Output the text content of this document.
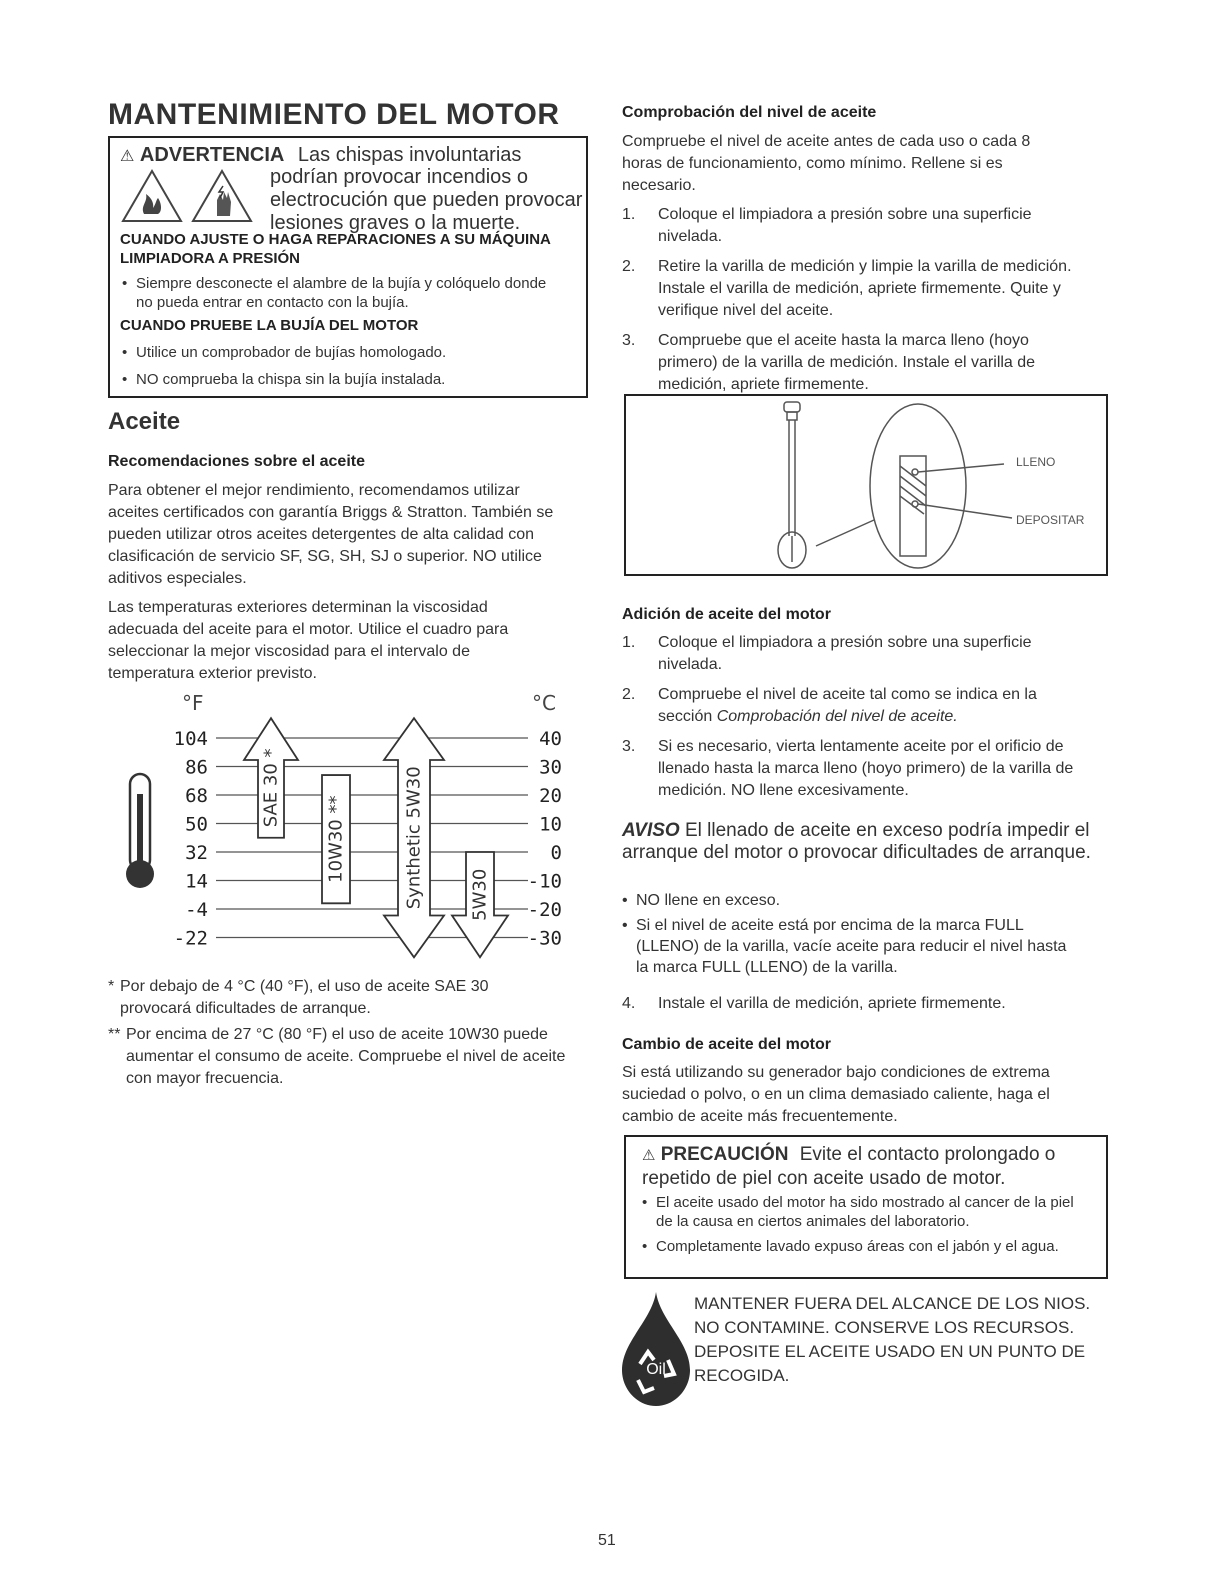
MANTENIMIENTO DEL MOTOR
⚠ ADVERTENCIA Las chispas involuntarias
podrían provocar incendios o
electrocución que pueden provocar
lesiones graves o la muerte.
CUANDO AJUSTE O HAGA REPARACIONES A SU MÁQUINA LIMPIADORA A PRESIÓN
• Siempre desconecte el alambre de la bujía y colóquelo donde no pueda entrar en contacto con la bujía.
CUANDO PRUEBE LA BUJÍA DEL MOTOR
• Utilice un comprobador de bujías homologado.
• NO comprueba la chispa sin la bujía instalada.
Aceite
Recomendaciones sobre el aceite
Para obtener el mejor rendimiento, recomendamos utilizar aceites certificados con garantía Briggs & Stratton. También se pueden utilizar otros aceites detergentes de alta calidad con clasificación de servicio SF, SG, SH, SJ o superior. NO utilice aditivos especiales.
Las temperaturas exteriores determinan la viscosidad adecuada del aceite para el motor. Utilice el cuadro para seleccionar la mejor viscosidad para el intervalo de temperatura exterior previsto.
°F	°C
SAE 30 *
10W30 **	Synthetic 5W30	5W30
104	40
86	30
68	20
50	10
32	0
14	-10
-4	-20
-22	-30
* Por debajo de 4 °C (40 °F), el uso de aceite SAE 30 provocará dificultades de arranque.
** Por encima de 27 °C (80 °F) el uso de aceite 10W30 puede aumentar el consumo de aceite. Compruebe el nivel de aceite con mayor frecuencia.
Comprobación del nivel de aceite
Compruebe el nivel de aceite antes de cada uso o cada 8 horas de funcionamiento, como mínimo. Rellene si es necesario.
1. Coloque el limpiadora a presión sobre una superficie nivelada.
2. Retire la varilla de medición y limpie la varilla de medición. Instale el varilla de medición, apriete firmemente. Quite y verifique nivel del aceite.
3. Compruebe que el aceite hasta la marca lleno (hoyo primero) de la varilla de medición. Instale el varilla de medición, apriete firmemente.
LLENO
DEPOSITAR
Adición de aceite del motor
1. Coloque el limpiadora a presión sobre una superficie nivelada.
2. Compruebe el nivel de aceite tal como se indica en la sección Comprobación del nivel de aceite.
3. Si es necesario, vierta lentamente aceite por el orificio de llenado hasta la marca lleno (hoyo primero) de la varilla de medición. NO llene excesivamente.
AVISO El llenado de aceite en exceso podría impedir el arranque del motor o provocar dificultades de arranque.
• NO llene en exceso.
• Si el nivel de aceite está por encima de la marca FULL (LLENO) de la varilla, vacíe aceite para reducir el nivel hasta la marca FULL (LLENO) de la varilla.
4. Instale el varilla de medición, apriete firmemente.
Cambio de aceite del motor
Si está utilizando su generador bajo condiciones de extrema suciedad o polvo, o en un clima demasiado caliente, haga el cambio de aceite más frecuentemente.
⚠ PRECAUCIÓN Evite el contacto prolongado o repetido de piel con aceite usado de motor.
• El aceite usado del motor ha sido mostrado al cancer de la piel de la causa en ciertos animales del laboratorio.
• Completamente lavado expuso áreas con el jabón y el agua.
Oil
MANTENER FUERA DEL ALCANCE DE LOS NIOS.
NO CONTAMINE. CONSERVE LOS RECURSOS.
DEPOSITE EL ACEITE USADO EN UN PUNTO DE
RECOGIDA.
51
